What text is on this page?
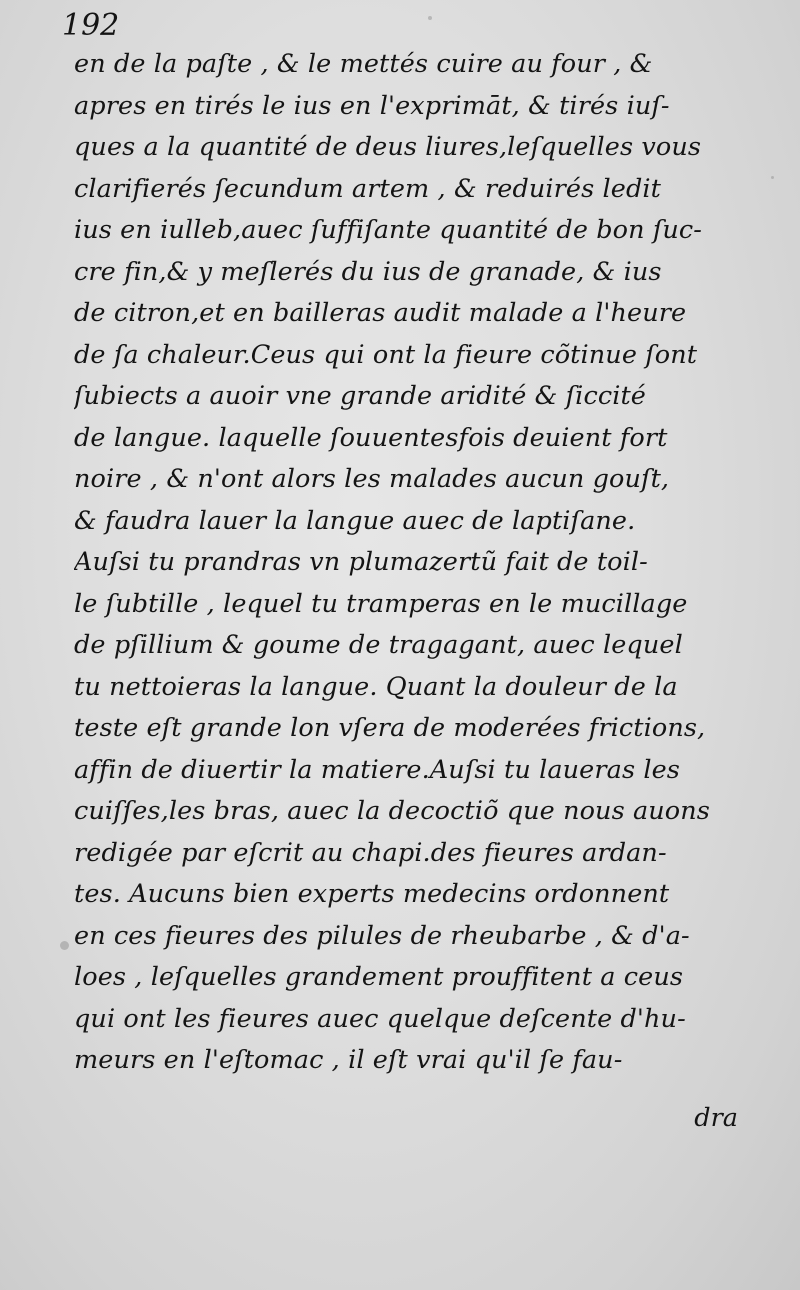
192

en de la paſte , & le mettés cuire au four , &
apres en tirés le ius en l'exprimāt, & tirés iuſ-
ques a la quantité de deus liures,leſquelles vous
clarifierés ſecundum artem , & reduirés ledit
ius en iulleb,auec ſuffiſante quantité de bon ſuc-
cre fin,& y meſlerés du ius de granade, & ius
de citron,et en bailleras audit malade a l'heure
de ſa chaleur.Ceus qui ont la fieure cõtinue ſont
ſubiects a auoir vne grande aridité & ſiccité
de langue. laquelle ſouuentesfois deuient fort
noire , & n'ont alors les malades aucun gouſt,
& faudra lauer la langue auec de laptiſane.
Auſsi tu prandras vn plumazertũ fait de toil-
le ſubtille , lequel tu tramperas en le mucillage
de pſillium & goume de tragagant, auec lequel
tu nettoieras la langue. Quant la douleur de la
teste eſt grande lon vſera de moderées frictions,
affin de diuertir la matiere.Auſsi tu laueras les
cuiſſes,les bras, auec la decoctiõ que nous auons
redigée par eſcrit au chapi.des fieures ardan-
tes. Aucuns bien experts medecins ordonnent
en ces fieures des pilules de rheubarbe , & d'a-
loes , leſquelles grandement prouffitent a ceus
qui ont les fieures auec quelque deſcente d'hu-
meurs en l'eſtomac , il eſt vrai qu'il ſe fau-

dra
